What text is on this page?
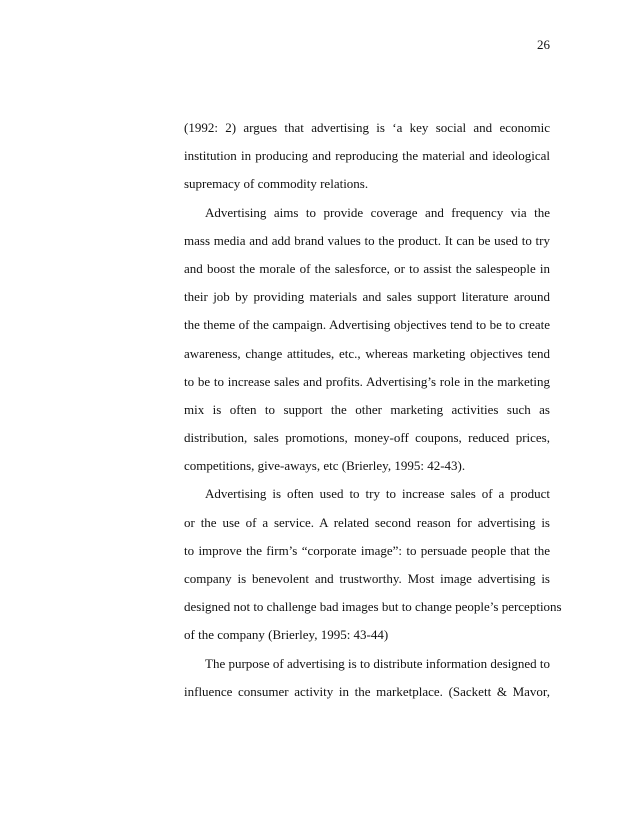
26
(1992: 2) argues that advertising is ‘a key social and economic
institution in producing and reproducing the material and ideological
supremacy of commodity relations.
Advertising aims to provide coverage and frequency via the
mass media and add brand values to the product. It can be used to try
and boost the morale of the salesforce, or to assist the salespeople in
their job by providing materials and sales support literature around
the theme of the campaign. Advertising objectives tend to be to create
awareness, change attitudes, etc., whereas marketing objectives tend
to be to increase sales and profits. Advertising’s role in the marketing
mix is often to support the other marketing activities such as
distribution, sales promotions, money-off coupons, reduced prices,
competitions, give-aways, etc (Brierley, 1995: 42-43).
Advertising is often used to try to increase sales of a product
or the use of a service. A related second reason for advertising is
to improve the firm’s “corporate image”: to persuade people that the
company is benevolent and trustworthy. Most image advertising is
designed not to challenge bad images but to change people’s perceptions
of the company (Brierley, 1995: 43-44)
The purpose of advertising is to distribute information designed to
influence consumer activity in the marketplace. (Sackett & Mavor,
